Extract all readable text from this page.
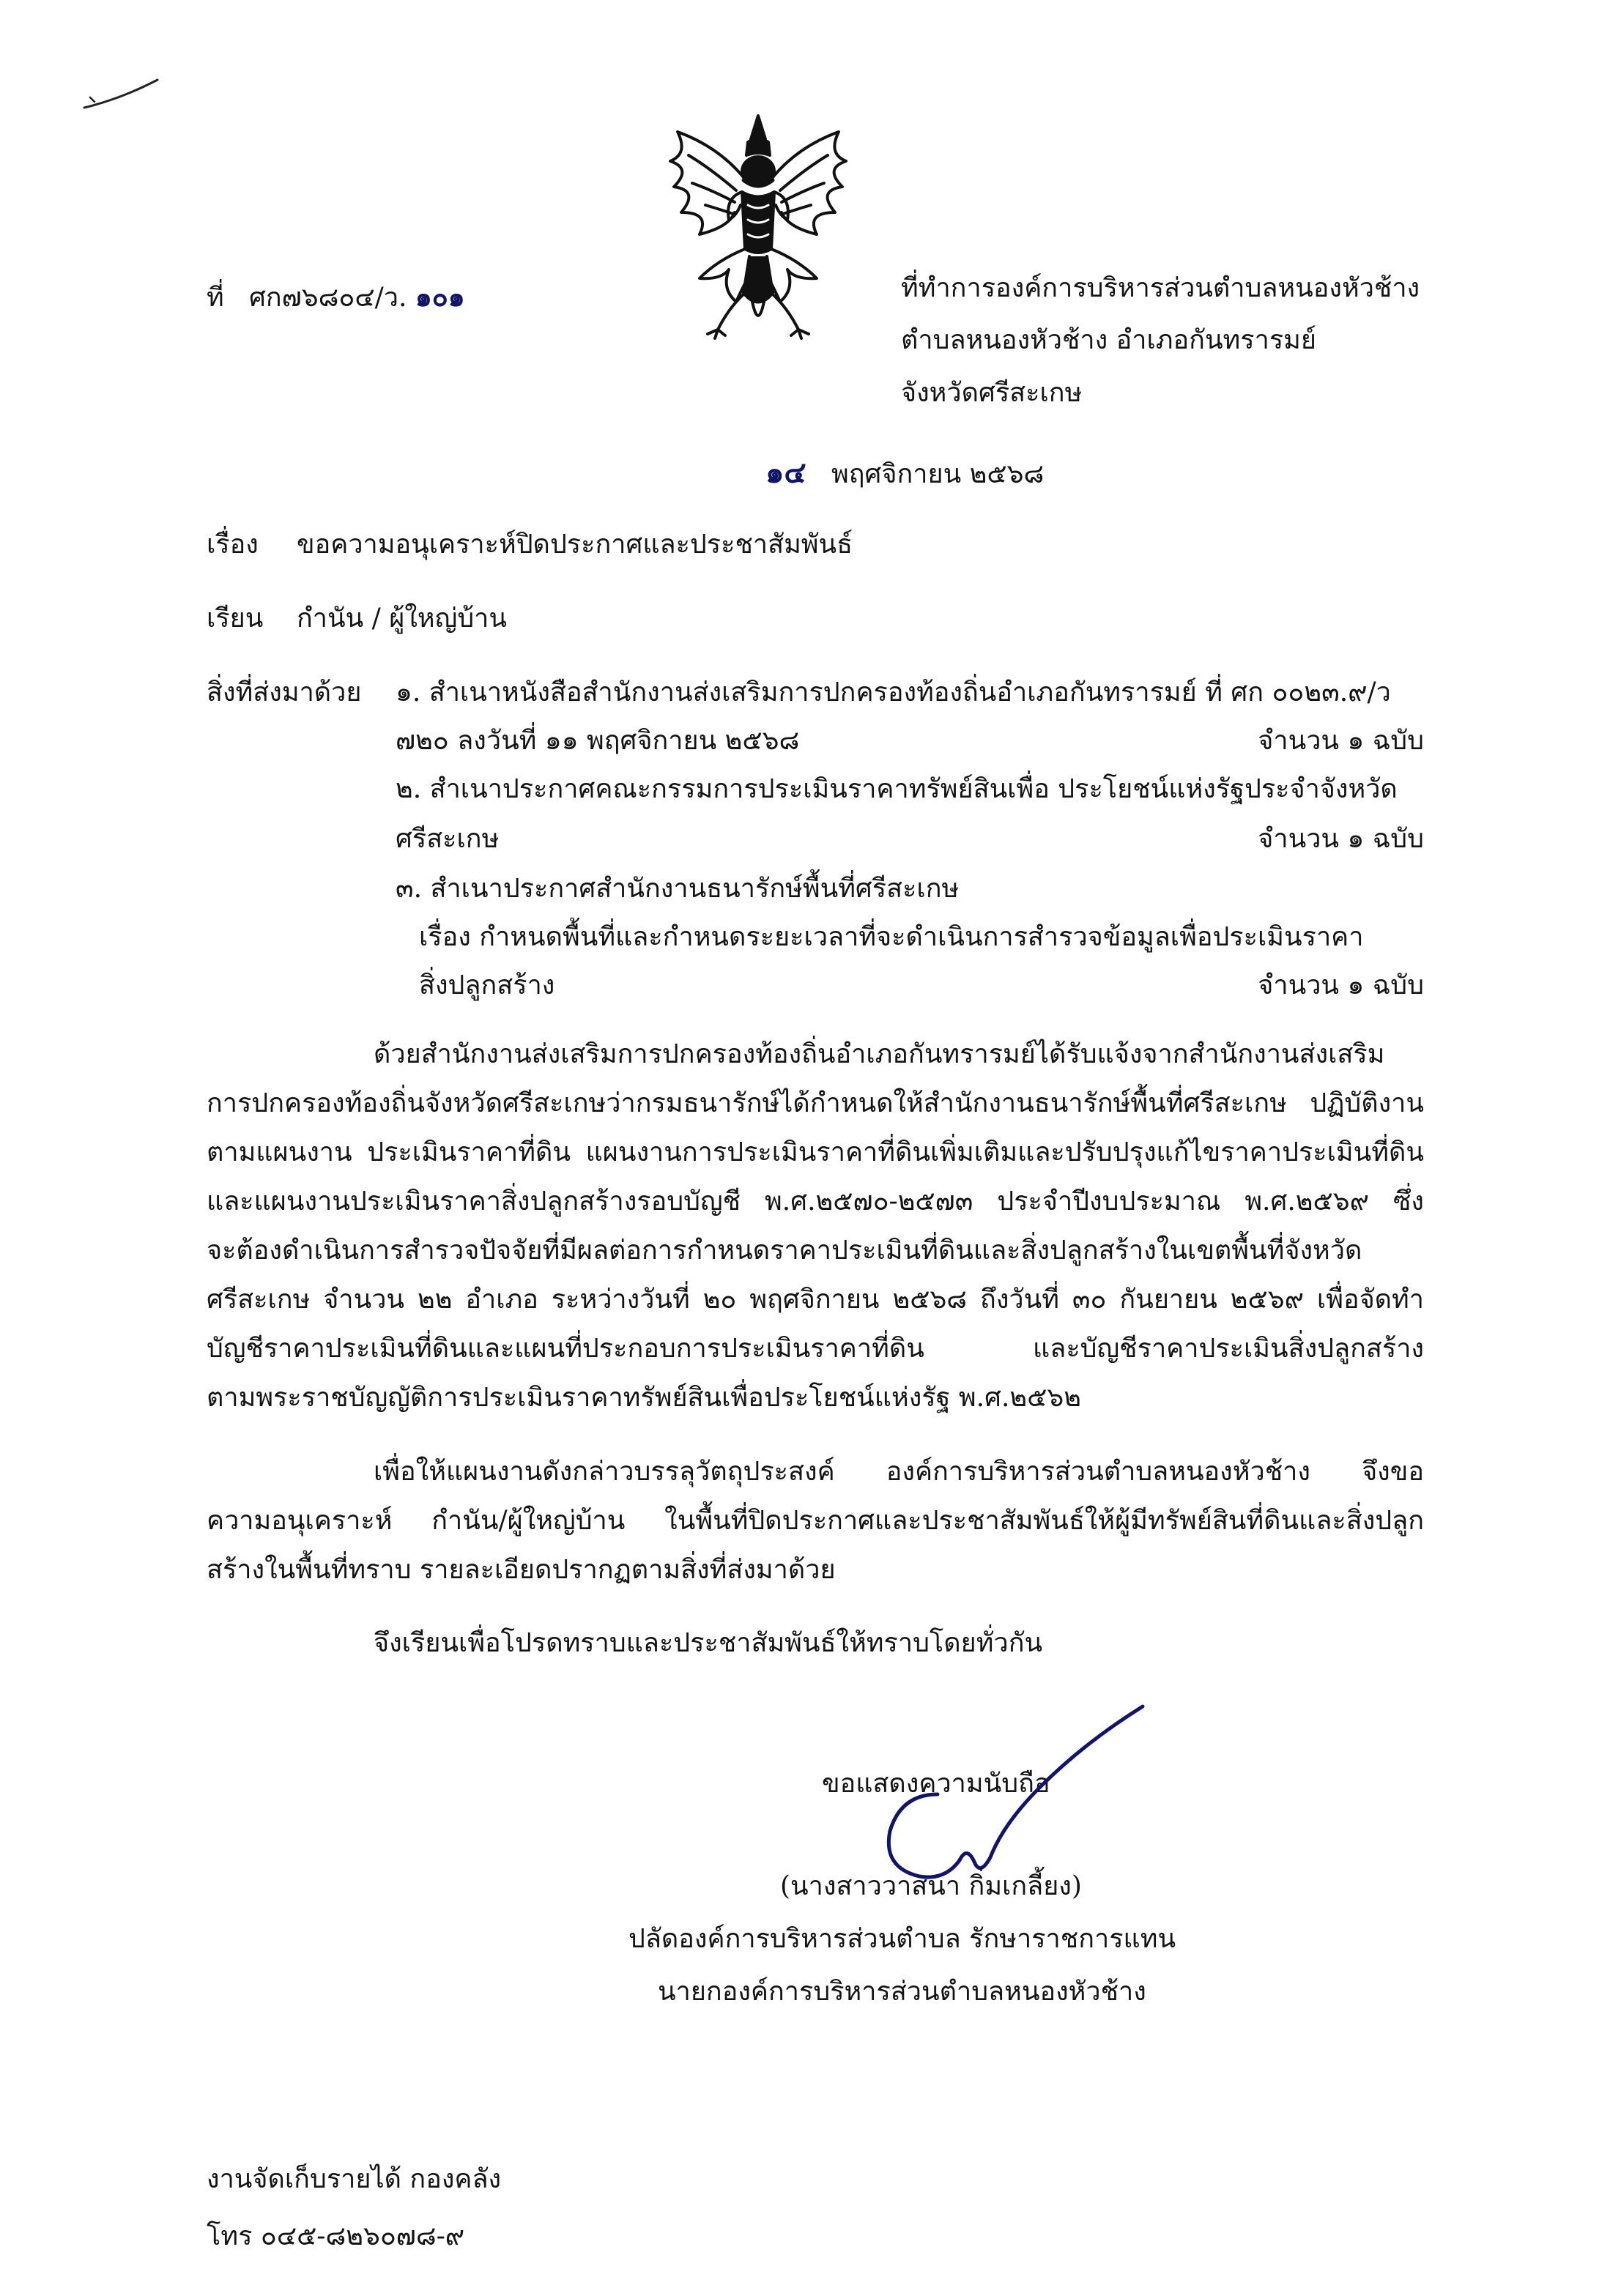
ที่ ศก๗๖๘๐๔/ว. ๑๐๑	ที่ทำการองค์การบริหารส่วนตำบลหนองหัวช้าง
ตำบลหนองหัวช้าง อำเภอกันทรารมย์
จังหวัดศรีสะเกษ
๑๔ พฤศจิกายน ๒๕๖๘
เรื่อง ขอความอนุเคราะห์ปิดประกาศและประชาสัมพันธ์
เรียน กำนัน / ผู้ใหญ่บ้าน
สิ่งที่ส่งมาด้วย ๑. สำเนาหนังสือสำนักงานส่งเสริมการปกครองท้องถิ่นอำเภอกันทรารมย์ ที่ ศก ๐๐๒๓.๙/ว
๗๒๐ ลงวันที่ ๑๑ พฤศจิกายน ๒๕๖๘	จำนวน ๑ ฉบับ
๒. สำเนาประกาศคณะกรรมการประเมินราคาทรัพย์สินเพื่อ ประโยชน์แห่งรัฐประจำจังหวัด
ศรีสะเกษ	จำนวน ๑ ฉบับ
๓. สำเนาประกาศสำนักงานธนารักษ์พื้นที่ศรีสะเกษ
เรื่อง กำหนดพื้นที่และกำหนดระยะเวลาที่จะดำเนินการสำรวจข้อมูลเพื่อประเมินราคา
สิ่งปลูกสร้าง	จำนวน ๑ ฉบับ
ด้วยสำนักงานส่งเสริมการปกครองท้องถิ่นอำเภอกันทรารมย์ได้รับแจ้งจากสำนักงานส่งเสริม
การปกครองท้องถิ่นจังหวัดศรีสะเกษว่ากรมธนารักษ์ได้กำหนดให้สำนักงานธนารักษ์พื้นที่ศรีสะเกษ ปฏิบัติงาน
ตามแผนงาน ประเมินราคาที่ดิน แผนงานการประเมินราคาที่ดินเพิ่มเติมและปรับปรุงแก้ไขราคาประเมินที่ดิน
และแผนงานประเมินราคาสิ่งปลูกสร้างรอบบัญชี พ.ศ.๒๕๗๐-๒๕๗๓ ประจำปีงบประมาณ พ.ศ.๒๕๖๙ ซึ่ง
จะต้องดำเนินการสำรวจปัจจัยที่มีผลต่อการกำหนดราคาประเมินที่ดินและสิ่งปลูกสร้างในเขตพื้นที่จังหวัด
ศรีสะเกษ จำนวน ๒๒ อำเภอ ระหว่างวันที่ ๒๐ พฤศจิกายน ๒๕๖๘ ถึงวันที่ ๓๐ กันยายน ๒๕๖๙ เพื่อจัดทำ
บัญชีราคาประเมินที่ดินและแผนที่ประกอบการประเมินราคาที่ดิน และบัญชีราคาประเมินสิ่งปลูกสร้าง
ตามพระราชบัญญัติการประเมินราคาทรัพย์สินเพื่อประโยชน์แห่งรัฐ พ.ศ.๒๕๖๒
เพื่อให้แผนงานดังกล่าวบรรลุวัตถุประสงค์ องค์การบริหารส่วนตำบลหนองหัวช้าง จึงขอ
ความอนุเคราะห์ กำนัน/ผู้ใหญ่บ้าน ในพื้นที่ปิดประกาศและประชาสัมพันธ์ให้ผู้มีทรัพย์สินที่ดินและสิ่งปลูก
สร้างในพื้นที่ทราบ รายละเอียดปรากฏตามสิ่งที่ส่งมาด้วย
จึงเรียนเพื่อโปรดทราบและประชาสัมพันธ์ให้ทราบโดยทั่วกัน
ขอแสดงความนับถือ
(นางสาววาสนา กิ่มเกลี้ยง)
ปลัดองค์การบริหารส่วนตำบล รักษาราชการแทน
นายกองค์การบริหารส่วนตำบลหนองหัวช้าง
งานจัดเก็บรายได้ กองคลัง
โทร ๐๔๕-๘๒๖๐๗๘-๙
